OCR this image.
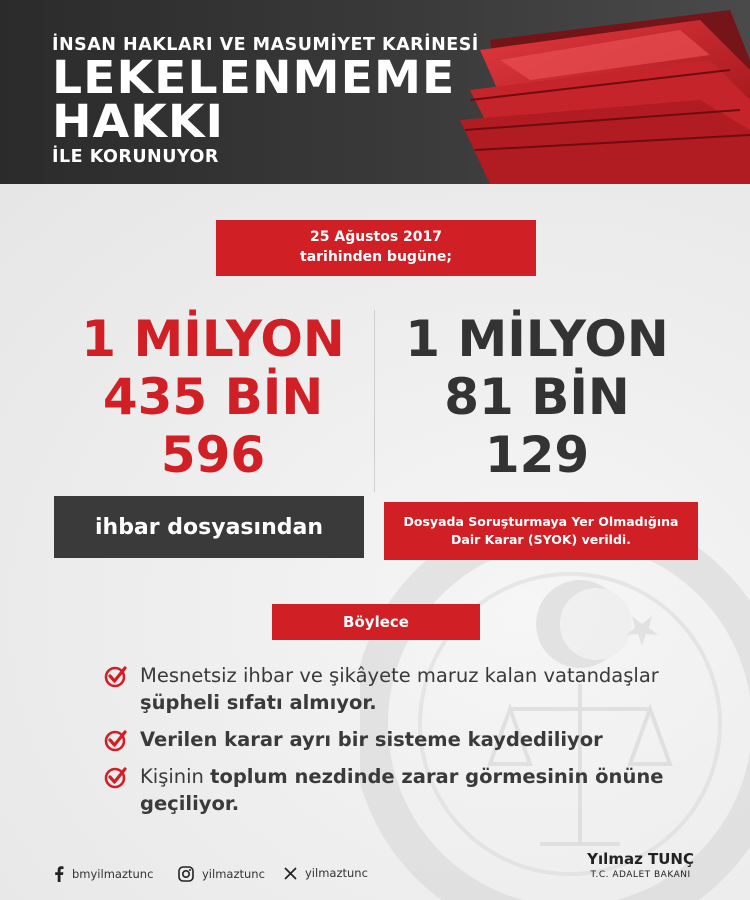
İNSAN HAKLARI VE MASUMİYET KARİNESİ
LEKELENMEME
HAKKI
İLE KORUNUYOR
25 Ağustos 2017
tarihinden bugüne;
1 MİLYON
435 BİN
596
1 MİLYON
81 BİN
129
ihbar dosyasından	Dosyada Soruşturmaya Yer Olmadığına
Dair Karar (SYOK) verildi.
Böylece
Mesnetsiz ihbar ve şikâyete maruz kalan vatandaşlar şüpheli sıfatı almıyor.
Verilen karar ayrı bir sisteme kaydediliyor
Kişinin toplum nezdinde zarar görmesinin önüne geçiliyor.
bmyilmaztunc	yilmaztunc	yilmaztunc
Yılmaz TUNÇ
T.C. ADALET BAKANI
